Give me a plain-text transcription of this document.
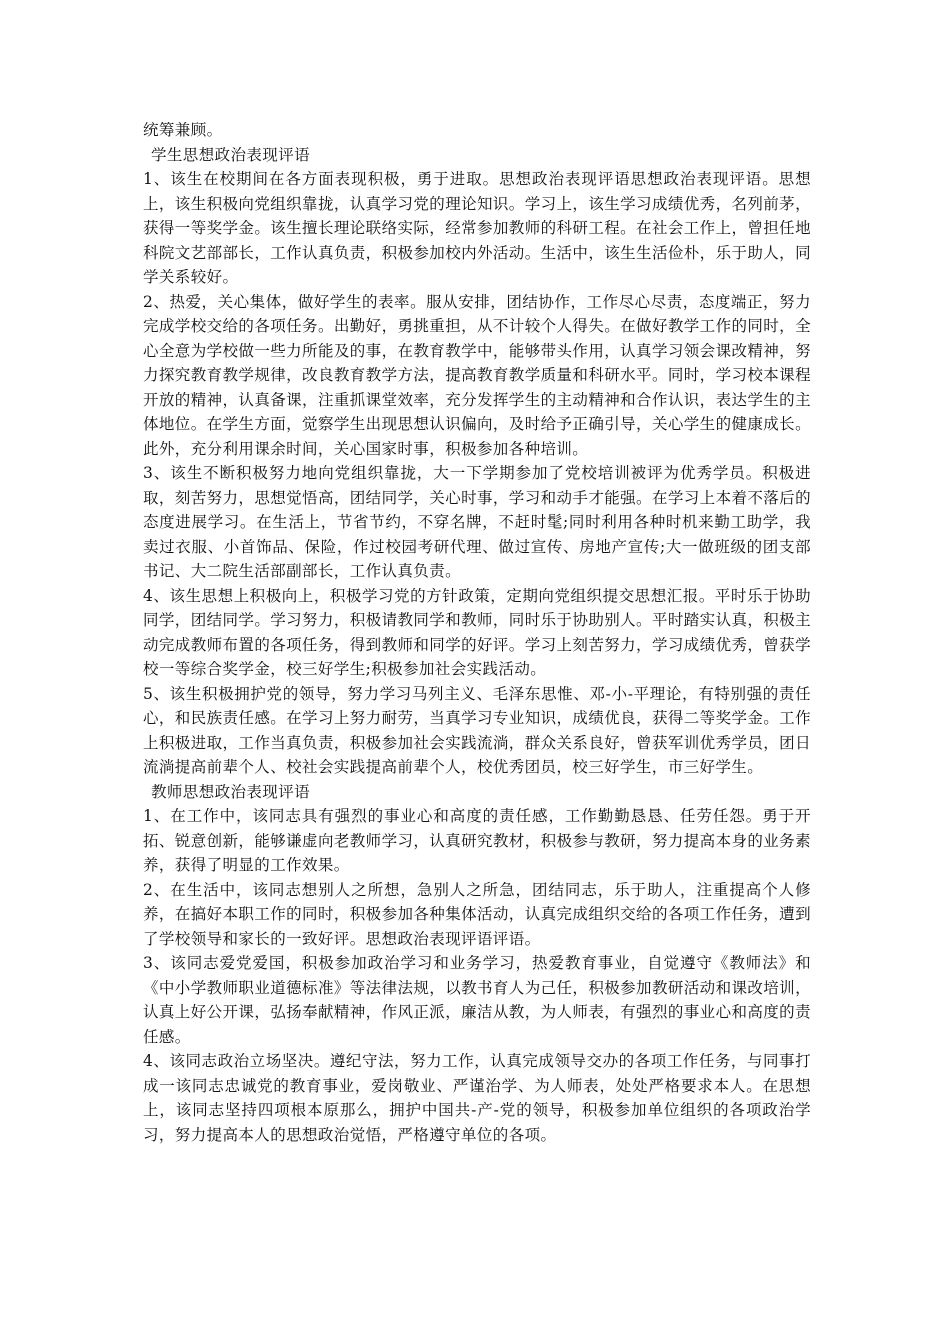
统筹兼顾。

学生思想政治表现评语

1、该生在校期间在各方面表现积极，勇于进取。思想政治表现评语思想政治表现评语。思想上，该生积极向党组织靠拢，认真学习党的理论知识。学习上，该生学习成绩优秀，名列前茅，获得一等奖学金。该生擅长理论联络实际，经常参加教师的科研工程。在社会工作上，曾担任地科院文艺部部长，工作认真负责，积极参加校内外活动。生活中，该生生活俭朴，乐于助人，同学关系较好。

2、热爱，关心集体，做好学生的表率。服从安排，团结协作，工作尽心尽责，态度端正，努力完成学校交给的各项任务。出勤好，勇挑重担，从不计较个人得失。在做好教学工作的同时，全心全意为学校做一些力所能及的事，在教育教学中，能够带头作用，认真学习领会课改精神，努力探究教育教学规律，改良教育教学方法，提高教育教学质量和科研水平。同时，学习校本课程开放的精神，认真备课，注重抓课堂效率，充分发挥学生的主动精神和合作认识，表达学生的主体地位。在学生方面，觉察学生出现思想认识偏向，及时给予正确引导，关心学生的健康成长。此外，充分利用课余时间，关心国家时事，积极参加各种培训。

3、该生不断积极努力地向党组织靠拢，大一下学期参加了党校培训被评为优秀学员。积极进取，刻苦努力，思想觉悟高，团结同学，关心时事，学习和动手才能强。在学习上本着不落后的态度进展学习。在生活上，节省节约，不穿名牌，不赶时髦;同时利用各种时机来勤工助学，我卖过衣服、小首饰品、保险，作过校园考研代理、做过宣传、房地产宣传;大一做班级的团支部书记、大二院生活部副部长，工作认真负责。

4、该生思想上积极向上，积极学习党的方针政策，定期向党组织提交思想汇报。平时乐于协助同学，团结同学。学习努力，积极请教同学和教师，同时乐于协助别人。平时踏实认真，积极主动完成教师布置的各项任务，得到教师和同学的好评。学习上刻苦努力，学习成绩优秀，曾获学校一等综合奖学金，校三好学生;积极参加社会实践活动。

5、该生积极拥护党的领导，努力学习马列主义、毛泽东思惟、邓-小-平理论，有特别强的责任心，和民族责任感。在学习上努力耐劳，当真学习专业知识，成绩优良，获得二等奖学金。工作上积极进取，工作当真负责，积极参加社会实践流淌，群众关系良好，曾获军训优秀学员，团日流淌提高前辈个人、校社会实践提高前辈个人，校优秀团员，校三好学生，市三好学生。

教师思想政治表现评语

1、在工作中，该同志具有强烈的事业心和高度的责任感，工作勤勤恳恳、任劳任怨。勇于开拓、锐意创新，能够谦虚向老教师学习，认真研究教材，积极参与教研，努力提高本身的业务素养，获得了明显的工作效果。

2、在生活中，该同志想别人之所想，急别人之所急，团结同志，乐于助人，注重提高个人修养，在搞好本职工作的同时，积极参加各种集体活动，认真完成组织交给的各项工作任务，遭到了学校领导和家长的一致好评。思想政治表现评语评语。

3、该同志爱党爱国，积极参加政治学习和业务学习，热爱教育事业，自觉遵守《教师法》和《中小学教师职业道德标准》等法律法规，以教书育人为己任，积极参加教研活动和课改培训，认真上好公开课，弘扬奉献精神，作风正派，廉洁从教，为人师表，有强烈的事业心和高度的责任感。

4、该同志政治立场坚决。遵纪守法，努力工作，认真完成领导交办的各项工作任务，与同事打成一该同志忠诚党的教育事业，爱岗敬业、严谨治学、为人师表，处处严格要求本人。在思想上，该同志坚持四项根本原那么，拥护中国共-产-党的领导，积极参加单位组织的各项政治学习，努力提高本人的思想政治觉悟，严格遵守单位的各项。
